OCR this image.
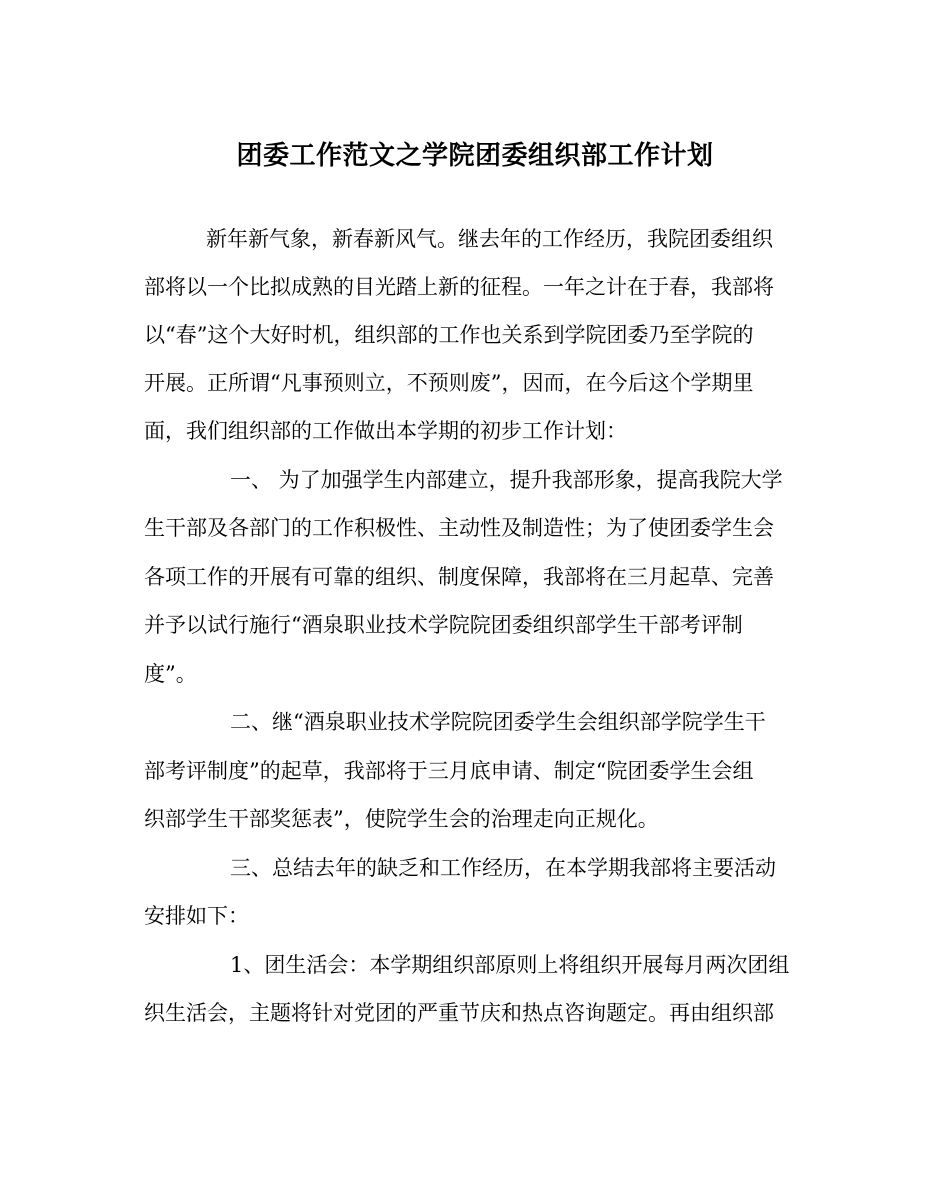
团委工作范文之学院团委组织部工作计划
新年新气象，新春新风气。继去年的工作经历，我院团委组织
部将以一个比拟成熟的目光踏上新的征程。一年之计在于春，我部将
以“春”这个大好时机，组织部的工作也关系到学院团委乃至学院的
开展。正所谓“凡事预则立，不预则废”，因而，在今后这个学期里
面，我们组织部的工作做出本学期的初步工作计划：
一、 为了加强学生内部建立，提升我部形象，提高我院大学
生干部及各部门的工作积极性、主动性及制造性；为了使团委学生会
各项工作的开展有可靠的组织、制度保障，我部将在三月起草、完善
并予以试行施行“酒泉职业技术学院院团委组织部学生干部考评制
度”。
二、继“酒泉职业技术学院院团委学生会组织部学院学生干
部考评制度”的起草，我部将于三月底申请、制定“院团委学生会组
织部学生干部奖惩表”，使院学生会的治理走向正规化。
三、总结去年的缺乏和工作经历，在本学期我部将主要活动
安排如下：
1、团生活会：本学期组织部原则上将组织开展每月两次团组
织生活会，主题将针对党团的严重节庆和热点咨询题定。再由组织部
